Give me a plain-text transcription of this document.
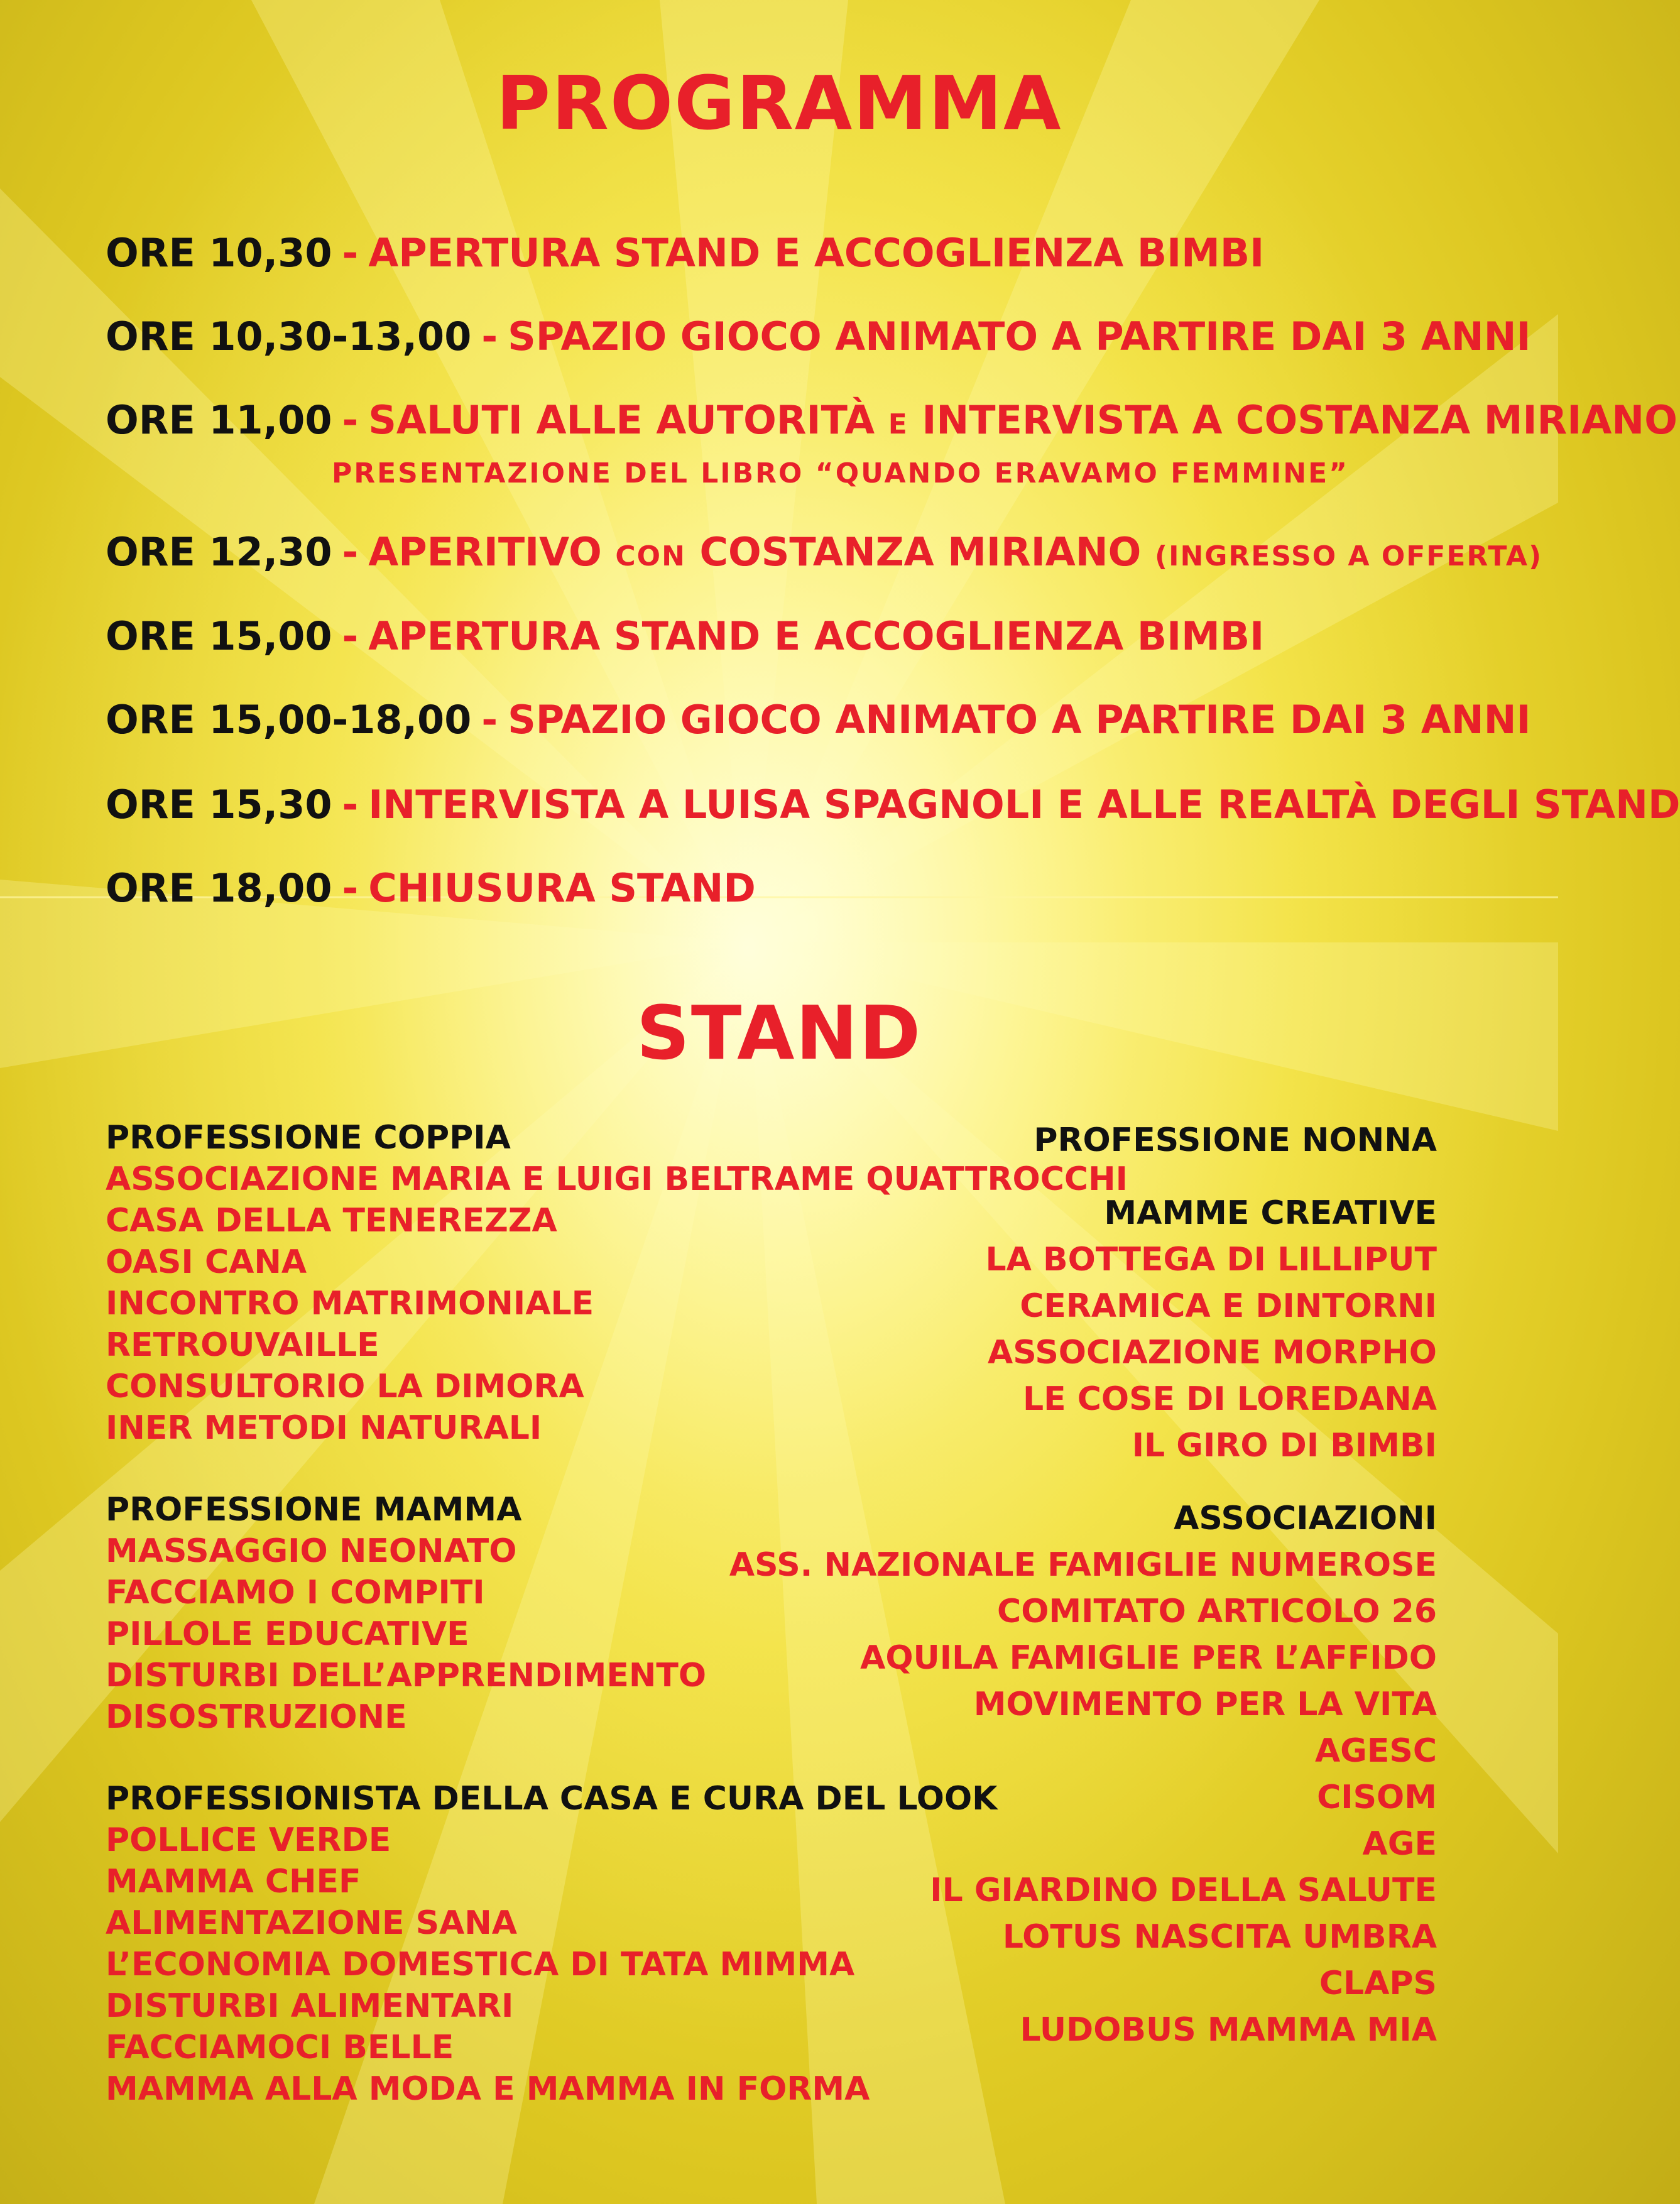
PROGRAMMA
ORE 10,30 - APERTURA STAND E ACCOGLIENZA BIMBI
ORE 10,30-13,00 - SPAZIO GIOCO ANIMATO A PARTIRE DAI 3 ANNI
ORE 11,00 - SALUTI ALLE AUTORITÀ E INTERVISTA A COSTANZA MIRIANO
PRESENTAZIONE DEL LIBRO “QUANDO ERAVAMO FEMMINE”
ORE 12,30 - APERITIVO CON COSTANZA MIRIANO (INGRESSO A OFFERTA)
ORE 15,00 - APERTURA STAND E ACCOGLIENZA BIMBI
ORE 15,00-18,00 - SPAZIO GIOCO ANIMATO A PARTIRE DAI 3 ANNI
ORE 15,30 - INTERVISTA A LUISA SPAGNOLI E ALLE REALTÀ DEGLI STAND
ORE 18,00 - CHIUSURA STAND
STAND
PROFESSIONE COPPIA
ASSOCIAZIONE MARIA E LUIGI BELTRAME QUATTROCCHI
CASA DELLA TENEREZZA
OASI CANA
INCONTRO MATRIMONIALE
RETROUVAILLE
CONSULTORIO LA DIMORA
INER METODI NATURALI
PROFESSIONE MAMMA
MASSAGGIO NEONATO
FACCIAMO I COMPITI
PILLOLE EDUCATIVE
DISTURBI DELL’APPRENDIMENTO
DISOSTRUZIONE
PROFESSIONISTA DELLA CASA E CURA DEL LOOK
POLLICE VERDE
MAMMA CHEF
ALIMENTAZIONE SANA
L’ECONOMIA DOMESTICA DI TATA MIMMA
DISTURBI ALIMENTARI
FACCIAMOCI BELLE
MAMMA ALLA MODA E MAMMA IN FORMA
PROFESSIONE NONNA
MAMME CREATIVE
LA BOTTEGA DI LILLIPUT
CERAMICA E DINTORNI
ASSOCIAZIONE MORPHO
LE COSE DI LOREDANA
IL GIRO DI BIMBI
ASSOCIAZIONI
ASS. NAZIONALE FAMIGLIE NUMEROSE
COMITATO ARTICOLO 26
AQUILA FAMIGLIE PER L’AFFIDO
MOVIMENTO PER LA VITA
AGESC
CISOM
AGE
IL GIARDINO DELLA SALUTE
LOTUS NASCITA UMBRA
CLAPS
LUDOBUS MAMMA MIA
